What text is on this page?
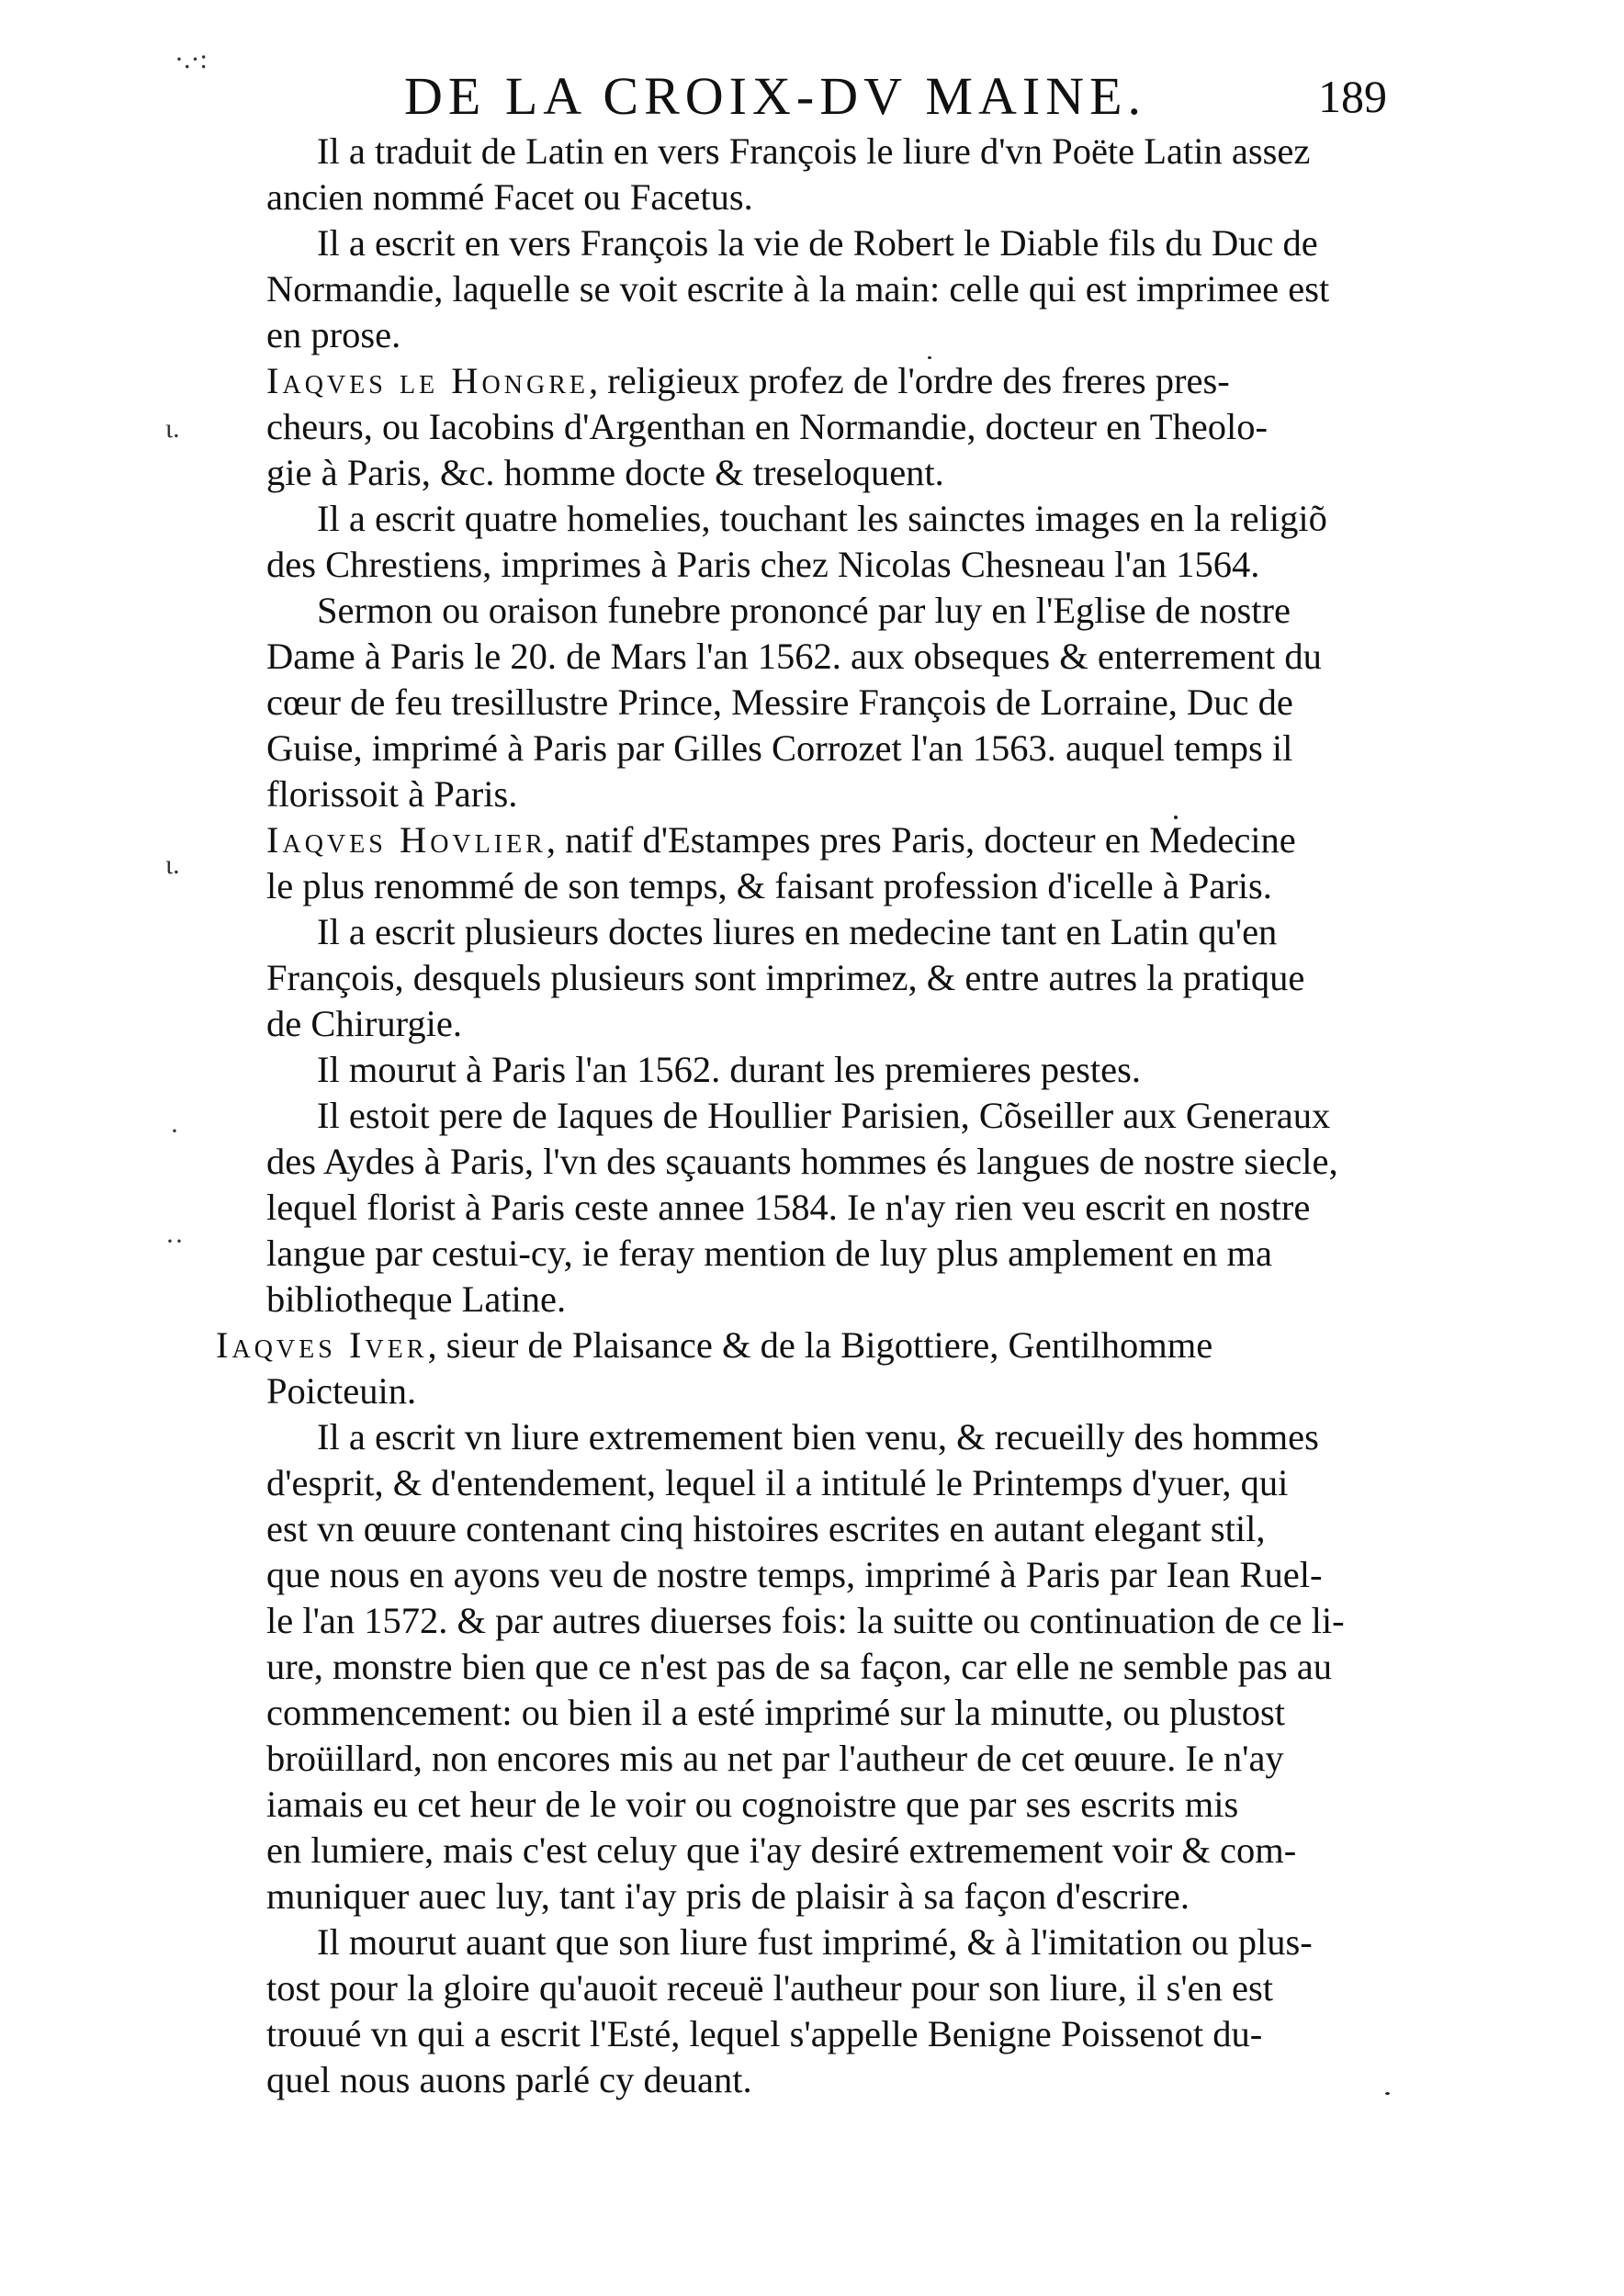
·.·:
DE LA CROIX-DV MAINE.	189
ι.
ι.
·
··
Il a traduit de Latin en vers François le liure d'vn Poëte Latin assez
ancien nommé Facet ou Facetus.
Il a escrit en vers François la vie de Robert le Diable fils du Duc de
Normandie, laquelle se voit escrite à la main: celle qui est imprimee est
en prose.
Iaqves le Hongre, religieux profez de l'ordre des freres pres-
cheurs, ou Iacobins d'Argenthan en Normandie, docteur en Theolo-
gie à Paris, &c. homme docte & treseloquent.
Il a escrit quatre homelies, touchant les sainctes images en la religiõ
des Chrestiens, imprimes à Paris chez Nicolas Chesneau l'an 1564.
Sermon ou oraison funebre prononcé par luy en l'Eglise de nostre
Dame à Paris le 20. de Mars l'an 1562. aux obseques & enterrement du
cœur de feu tresillustre Prince, Messire François de Lorraine, Duc de
Guise, imprimé à Paris par Gilles Corrozet l'an 1563. auquel temps il
florissoit à Paris.
Iaqves Hovlier, natif d'Estampes pres Paris, docteur en Medecine
le plus renommé de son temps, & faisant profession d'icelle à Paris.
Il a escrit plusieurs doctes liures en medecine tant en Latin qu'en
François, desquels plusieurs sont imprimez, & entre autres la pratique
de Chirurgie.
Il mourut à Paris l'an 1562. durant les premieres pestes.
Il estoit pere de Iaques de Houllier Parisien, Cõseiller aux Generaux
des Aydes à Paris, l'vn des sçauants hommes és langues de nostre siecle,
lequel florist à Paris ceste annee 1584. Ie n'ay rien veu escrit en nostre
langue par cestui-cy, ie feray mention de luy plus amplement en ma
bibliotheque Latine.
Iaqves Iver, sieur de Plaisance & de la Bigottiere, Gentilhomme
Poicteuin.
Il a escrit vn liure extremement bien venu, & recueilly des hommes
d'esprit, & d'entendement, lequel il a intitulé le Printemps d'yuer, qui
est vn œuure contenant cinq histoires escrites en autant elegant stil,
que nous en ayons veu de nostre temps, imprimé à Paris par Iean Ruel-
le l'an 1572. & par autres diuerses fois: la suitte ou continuation de ce li-
ure, monstre bien que ce n'est pas de sa façon, car elle ne semble pas au
commencement: ou bien il a esté imprimé sur la minutte, ou plustost
broüillard, non encores mis au net par l'autheur de cet œuure. Ie n'ay
iamais eu cet heur de le voir ou cognoistre que par ses escrits mis
en lumiere, mais c'est celuy que i'ay desiré extremement voir & com-
muniquer auec luy, tant i'ay pris de plaisir à sa façon d'escrire.
Il mourut auant que son liure fust imprimé, & à l'imitation ou plus-
tost pour la gloire qu'auoit receuë l'autheur pour son liure, il s'en est
trouué vn qui a escrit l'Esté, lequel s'appelle Benigne Poissenot du-
quel nous auons parlé cy deuant.
